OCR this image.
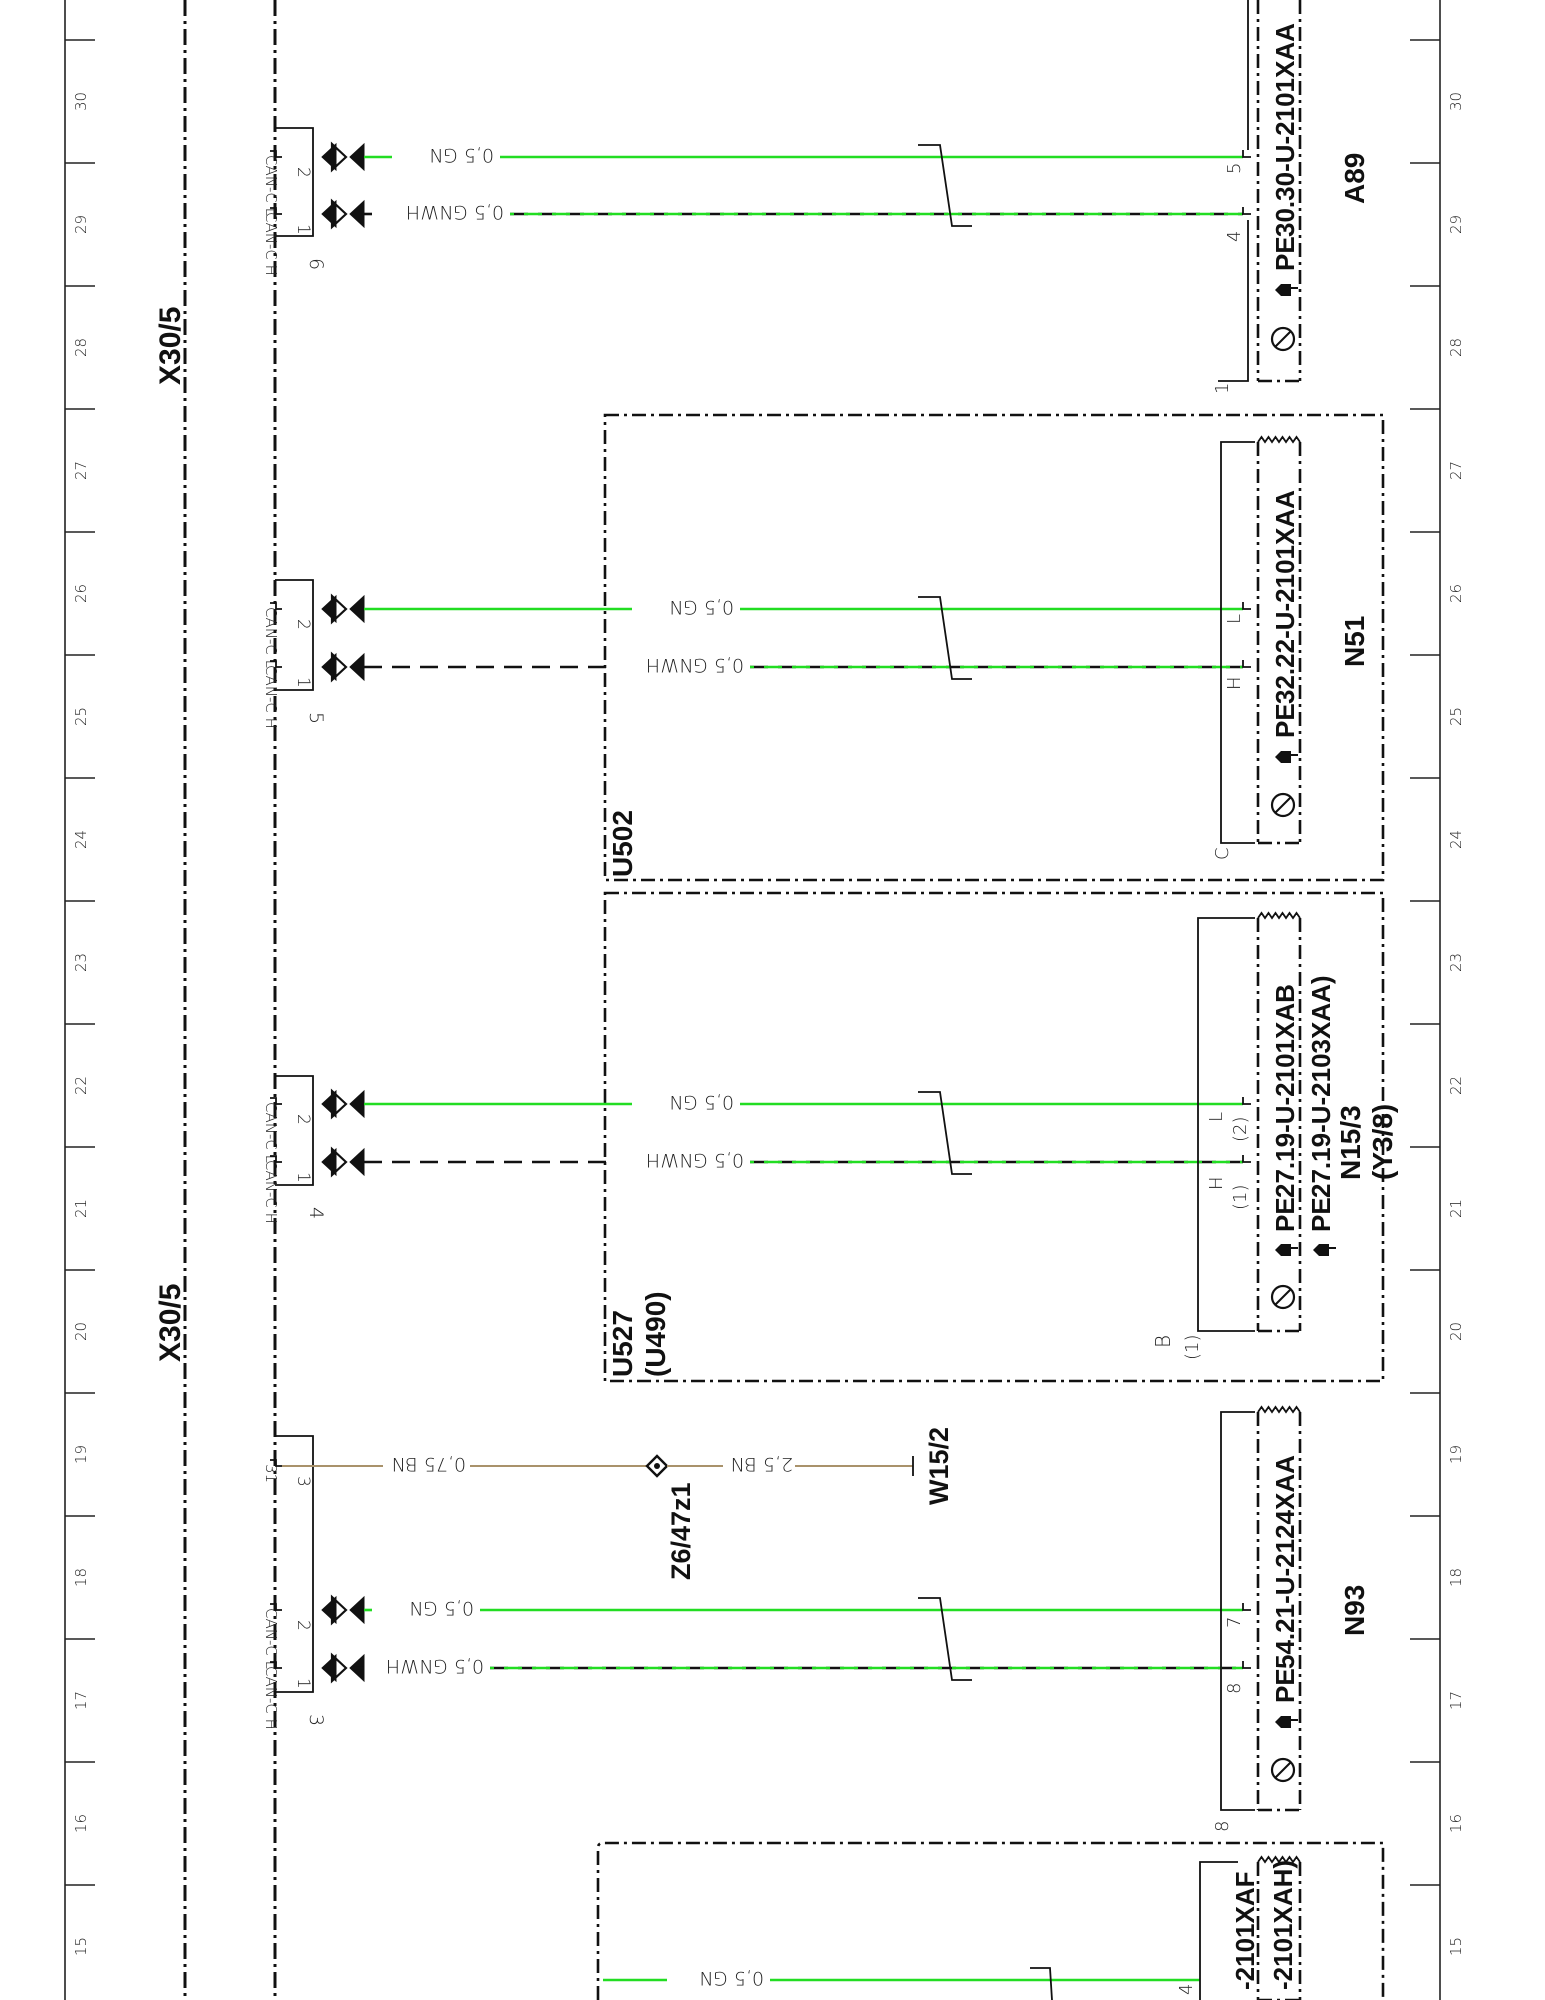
30
29
28
27
26
25
24
23
22
21
20
19
18
17
16
15
30
29
28
27
26
25
24
23
22
21
20
19
18
17
16
15
X30/5
X30/5
U502
U527 (U490)
6
2
CAN-C L
1
CAN-C H
5
2
CAN-C L
1
CAN-C H
4
2
CAN-C L
1
CAN-C H
3
3
31
2
CAN-C L
1
CAN-C H
0,5 GN
0,5 GNWH
0,5 GN
0,5 GNWH
0,5 GN
0,5 GNWH
0,5 GN
0,5 GNWH
0,5 GN
0,75 BN	2,5 BN
Z6/47z1
W15/2
PE
30.30-U-2101XAA A89
5
4
1
PE
32.22-U-2101XAA N51
L
H
C
PE
27.19-U-2101XAB
PE
27.19-U-2103XAA) N15/3 (Y3/8)
L
H
(2)
(1)
B (1)
PE
54.21-U-2124XAA N93
7
8
8
-2101XAF -2101XAH)
4
